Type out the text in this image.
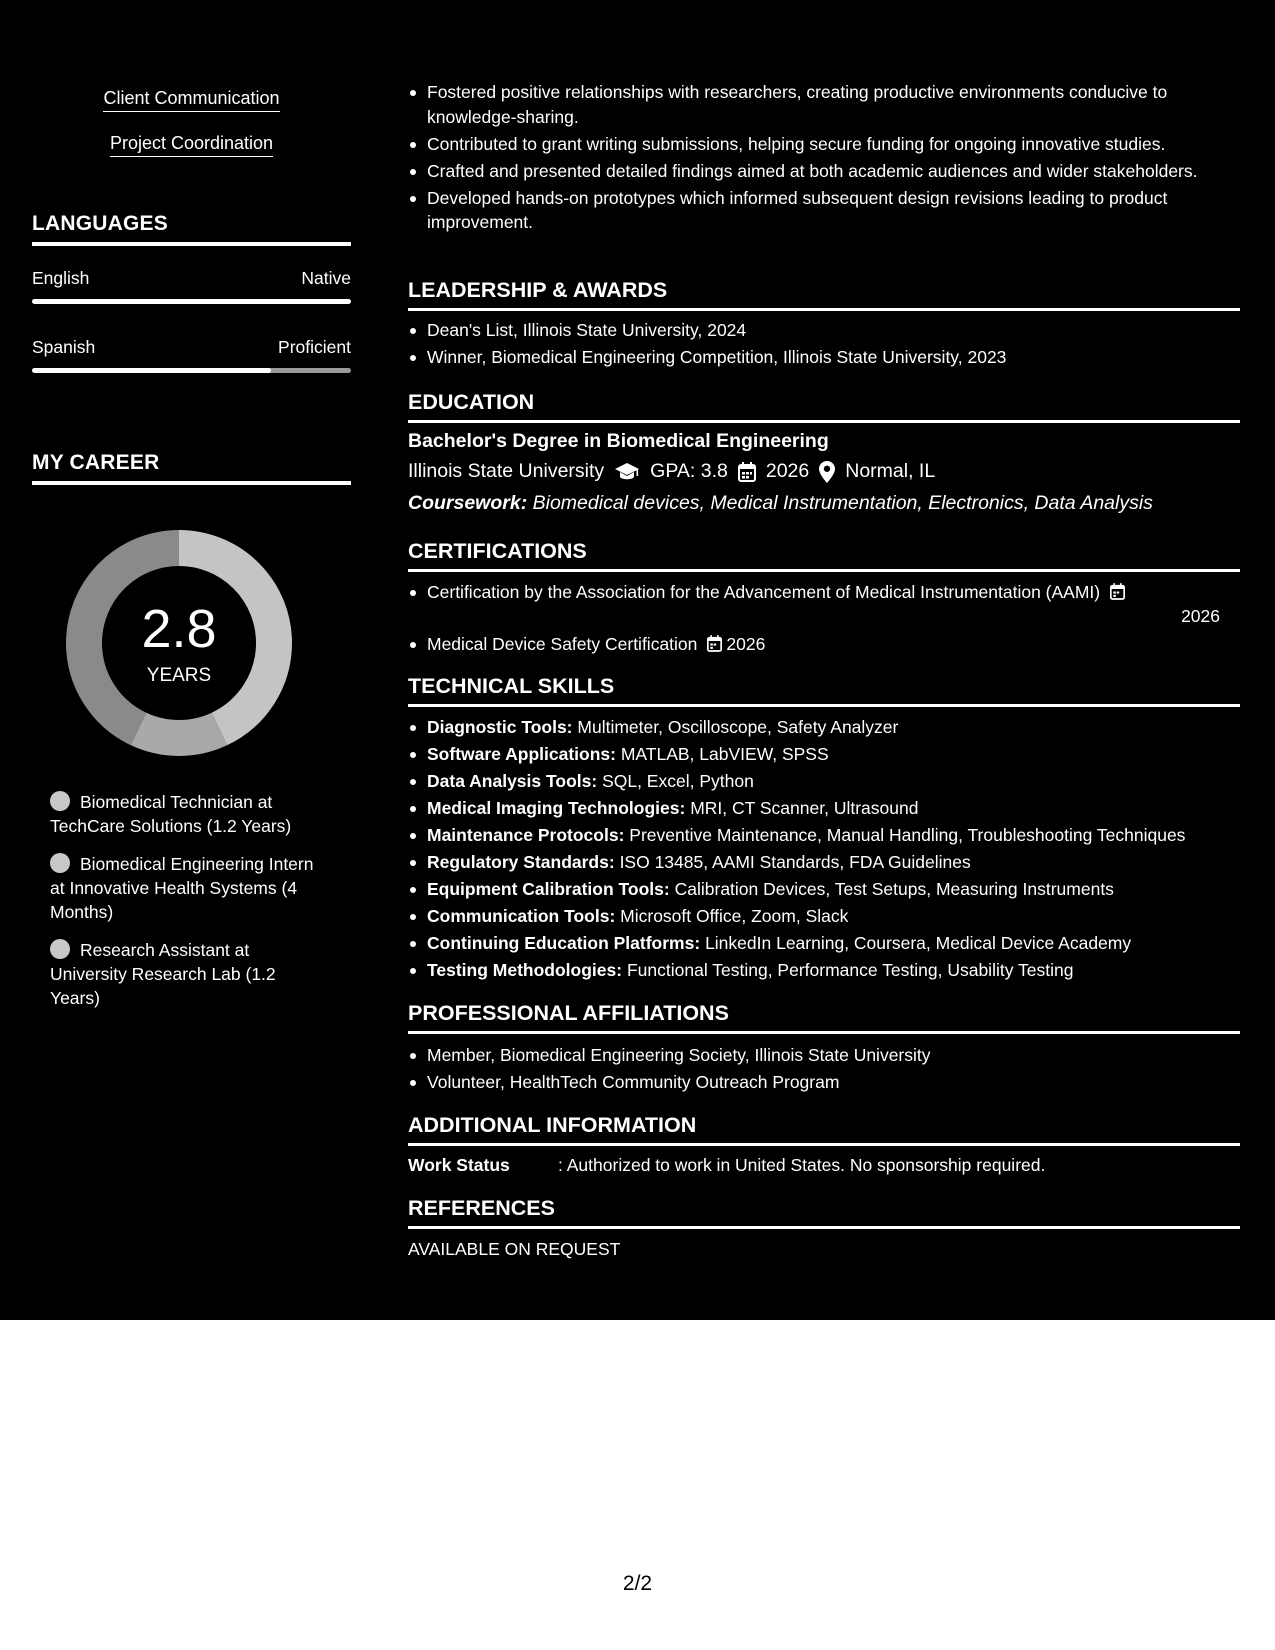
Client Communication
Project Coordination
LANGUAGES
English	Native
Spanish	Proficient
MY CAREER
2.8
YEARS
Biomedical Technician at TechCare Solutions (1.2 Years)
Biomedical Engineering Intern at Innovative Health Systems (4 Months)
Research Assistant at University Research Lab (1.2 Years)
Fostered positive relationships with researchers, creating productive environments conducive to knowledge-sharing.
Contributed to grant writing submissions, helping secure funding for ongoing innovative studies.
Crafted and presented detailed findings aimed at both academic audiences and wider stakeholders.
Developed hands-on prototypes which informed subsequent design revisions leading to product improvement.
LEADERSHIP & AWARDS
Dean's List, Illinois State University, 2024
Winner, Biomedical Engineering Competition, Illinois State University, 2023
EDUCATION
Bachelor's Degree in Biomedical Engineering
Illinois State University GPA: 3.8 2026 Normal, IL
Coursework: Biomedical devices, Medical Instrumentation, Electronics, Data Analysis
CERTIFICATIONS
Certification by the Association for the Advancement of Medical Instrumentation (AAMI)
2026
Medical Device Safety Certification 2026
TECHNICAL SKILLS
Diagnostic Tools: Multimeter, Oscilloscope, Safety Analyzer
Software Applications: MATLAB, LabVIEW, SPSS
Data Analysis Tools: SQL, Excel, Python
Medical Imaging Technologies: MRI, CT Scanner, Ultrasound
Maintenance Protocols: Preventive Maintenance, Manual Handling, Troubleshooting Techniques
Regulatory Standards: ISO 13485, AAMI Standards, FDA Guidelines
Equipment Calibration Tools: Calibration Devices, Test Setups, Measuring Instruments
Communication Tools: Microsoft Office, Zoom, Slack
Continuing Education Platforms: LinkedIn Learning, Coursera, Medical Device Academy
Testing Methodologies: Functional Testing, Performance Testing, Usability Testing
PROFESSIONAL AFFILIATIONS
Member, Biomedical Engineering Society, Illinois State University
Volunteer, HealthTech Community Outreach Program
ADDITIONAL INFORMATION
Work Status	: Authorized to work in United States. No sponsorship required.
REFERENCES
AVAILABLE ON REQUEST
2/2
